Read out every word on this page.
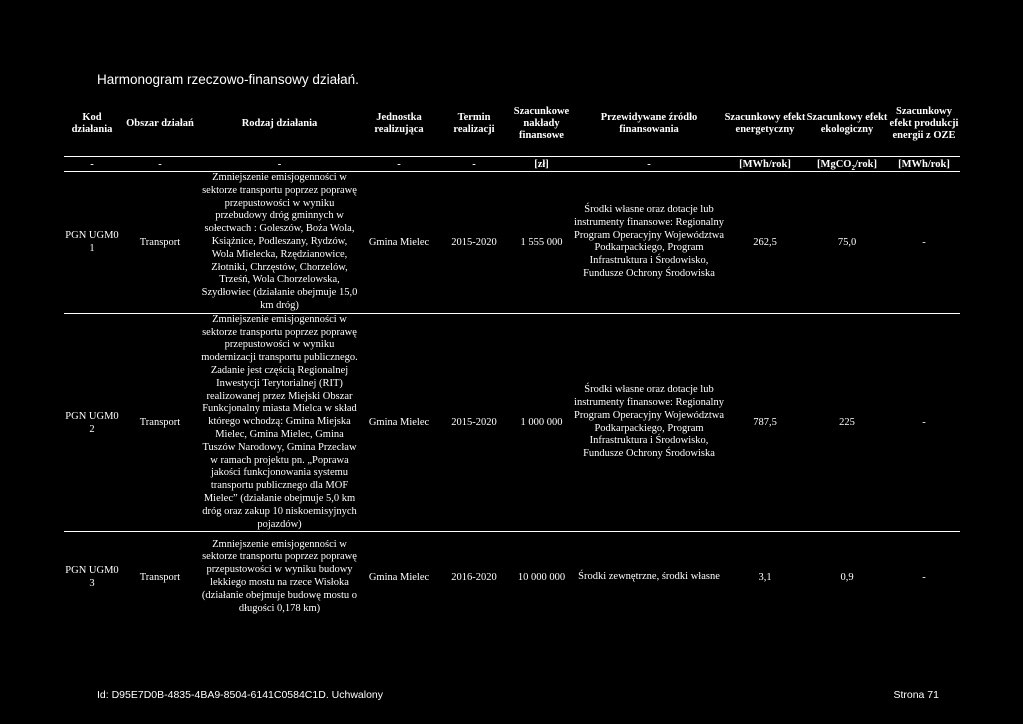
Harmonogram rzeczowo-finansowy działań.
Kod działania	Obszar działań	Rodzaj działania	Jednostka realizująca	Termin realizacji	Szacunkowe nakłady finansowe	Przewidywane źródło finansowania	Szacunkowy efekt energetyczny	Szacunkowy efekt ekologiczny	Szacunkowy efekt produkcji energii z OZE
-	-	-	-	-	[zł]	-	[MWh/rok]	[MgCO$_2$/rok]	[MWh/rok]
PGN UGM0 1	Transport	Zmniejszenie emisjogenności w sektorze transportu poprzez poprawę przepustowości w wyniku przebudowy dróg gminnych w sołectwach : Goleszów, Boża Wola, Książnice, Podleszany, Rydzów, Wola Mielecka, Rzędzianowice, Złotniki, Chrzęstów, Chorzelów, Trześń, Wola Chorzelowska, Szydłowiec (działanie obejmuje 15,0 km dróg)	Gmina Mielec	2015-2020	1 555 000	Środki własne oraz dotacje lub instrumenty finansowe: Regionalny Program Operacyjny Województwa Podkarpackiego, Program Infrastruktura i Środowisko, Fundusze Ochrony Środowiska	262,5	75,0	-
PGN UGM0 2	Transport	Zmniejszenie emisjogenności w sektorze transportu poprzez poprawę przepustowości w wyniku modernizacji transportu publicznego. Zadanie jest częścią Regionalnej Inwestycji Terytorialnej (RIT) realizowanej przez Miejski Obszar Funkcjonalny miasta Mielca w skład którego wchodzą: Gmina Miejska Mielec, Gmina Mielec, Gmina Tuszów Narodowy, Gmina Przecław w ramach projektu pn. „Poprawa jakości funkcjonowania systemu transportu publicznego dla MOF Mielec” (działanie obejmuje 5,0 km dróg oraz zakup 10 niskoemisyjnych pojazdów)	Gmina Mielec	2015-2020	1 000 000	Środki własne oraz dotacje lub instrumenty finansowe: Regionalny Program Operacyjny Województwa Podkarpackiego, Program Infrastruktura i Środowisko, Fundusze Ochrony Środowiska	787,5	225	-
PGN UGM0 3	Transport	Zmniejszenie emisjogenności w sektorze transportu poprzez poprawę przepustowości w wyniku budowy lekkiego mostu na rzece Wisłoka (działanie obejmuje budowę mostu o długości 0,178 km)	Gmina Mielec	2016-2020	10 000 000	Środki zewnętrzne, środki własne	3,1	0,9	-
Id: D95E7D0B-4835-4BA9-8504-6141C0584C1D. Uchwalony	Strona 71
